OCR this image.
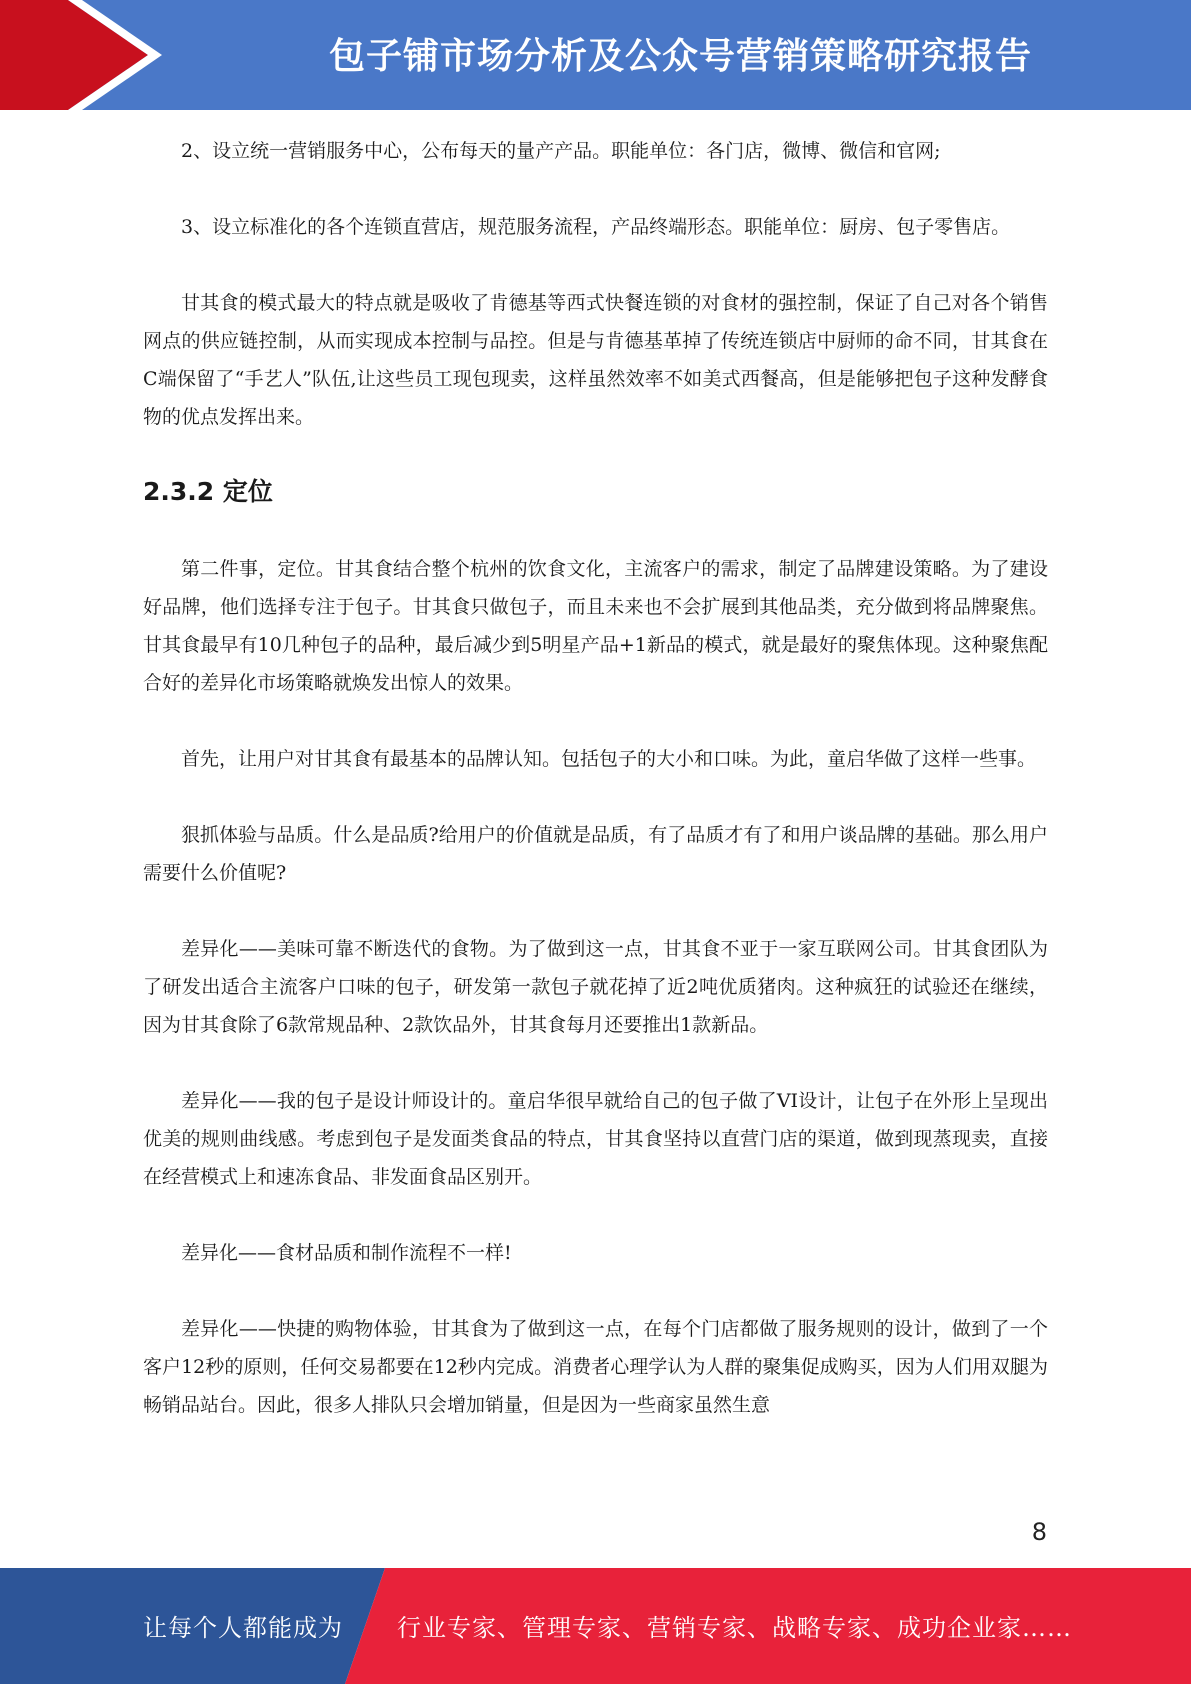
包子铺市场分析及公众号营销策略研究报告

2、设立统一营销服务中心，公布每天的量产产品。职能单位：各门店，微博、微信和官网;

3、设立标准化的各个连锁直营店，规范服务流程，产品终端形态。职能单位：厨房、包子零售店。

甘其食的模式最大的特点就是吸收了肯德基等西式快餐连锁的对食材的强控制，保证了自己对各个销售网点的供应链控制，从而实现成本控制与品控。但是与肯德基革掉了传统连锁店中厨师的命不同，甘其食在C端保留了“手艺人”队伍,让这些员工现包现卖，这样虽然效率不如美式西餐高，但是能够把包子这种发酵食物的优点发挥出来。

2.3.2 定位

第二件事，定位。甘其食结合整个杭州的饮食文化，主流客户的需求，制定了品牌建设策略。为了建设好品牌，他们选择专注于包子。甘其食只做包子，而且未来也不会扩展到其他品类，充分做到将品牌聚焦。甘其食最早有10几种包子的品种，最后减少到5明星产品+1新品的模式，就是最好的聚焦体现。这种聚焦配合好的差异化市场策略就焕发出惊人的效果。

首先，让用户对甘其食有最基本的品牌认知。包括包子的大小和口味。为此，童启华做了这样一些事。

狠抓体验与品质。什么是品质?给用户的价值就是品质，有了品质才有了和用户谈品牌的基础。那么用户需要什么价值呢?

差异化——美味可靠不断迭代的食物。为了做到这一点，甘其食不亚于一家互联网公司。甘其食团队为了研发出适合主流客户口味的包子，研发第一款包子就花掉了近2吨优质猪肉。这种疯狂的试验还在继续，因为甘其食除了6款常规品种、2款饮品外，甘其食每月还要推出1款新品。

差异化——我的包子是设计师设计的。童启华很早就给自己的包子做了VI设计，让包子在外形上呈现出优美的规则曲线感。考虑到包子是发面类食品的特点，甘其食坚持以直营门店的渠道，做到现蒸现卖，直接在经营模式上和速冻食品、非发面食品区别开。

差异化——食材品质和制作流程不一样!

差异化——快捷的购物体验，甘其食为了做到这一点，在每个门店都做了服务规则的设计，做到了一个客户12秒的原则，任何交易都要在12秒内完成。消费者心理学认为人群的聚集促成购买，因为人们用双腿为畅销品站台。因此，很多人排队只会增加销量，但是因为一些商家虽然生意

8
让每个人都能成为 行业专家、管理专家、营销专家、战略专家、成功企业家……
